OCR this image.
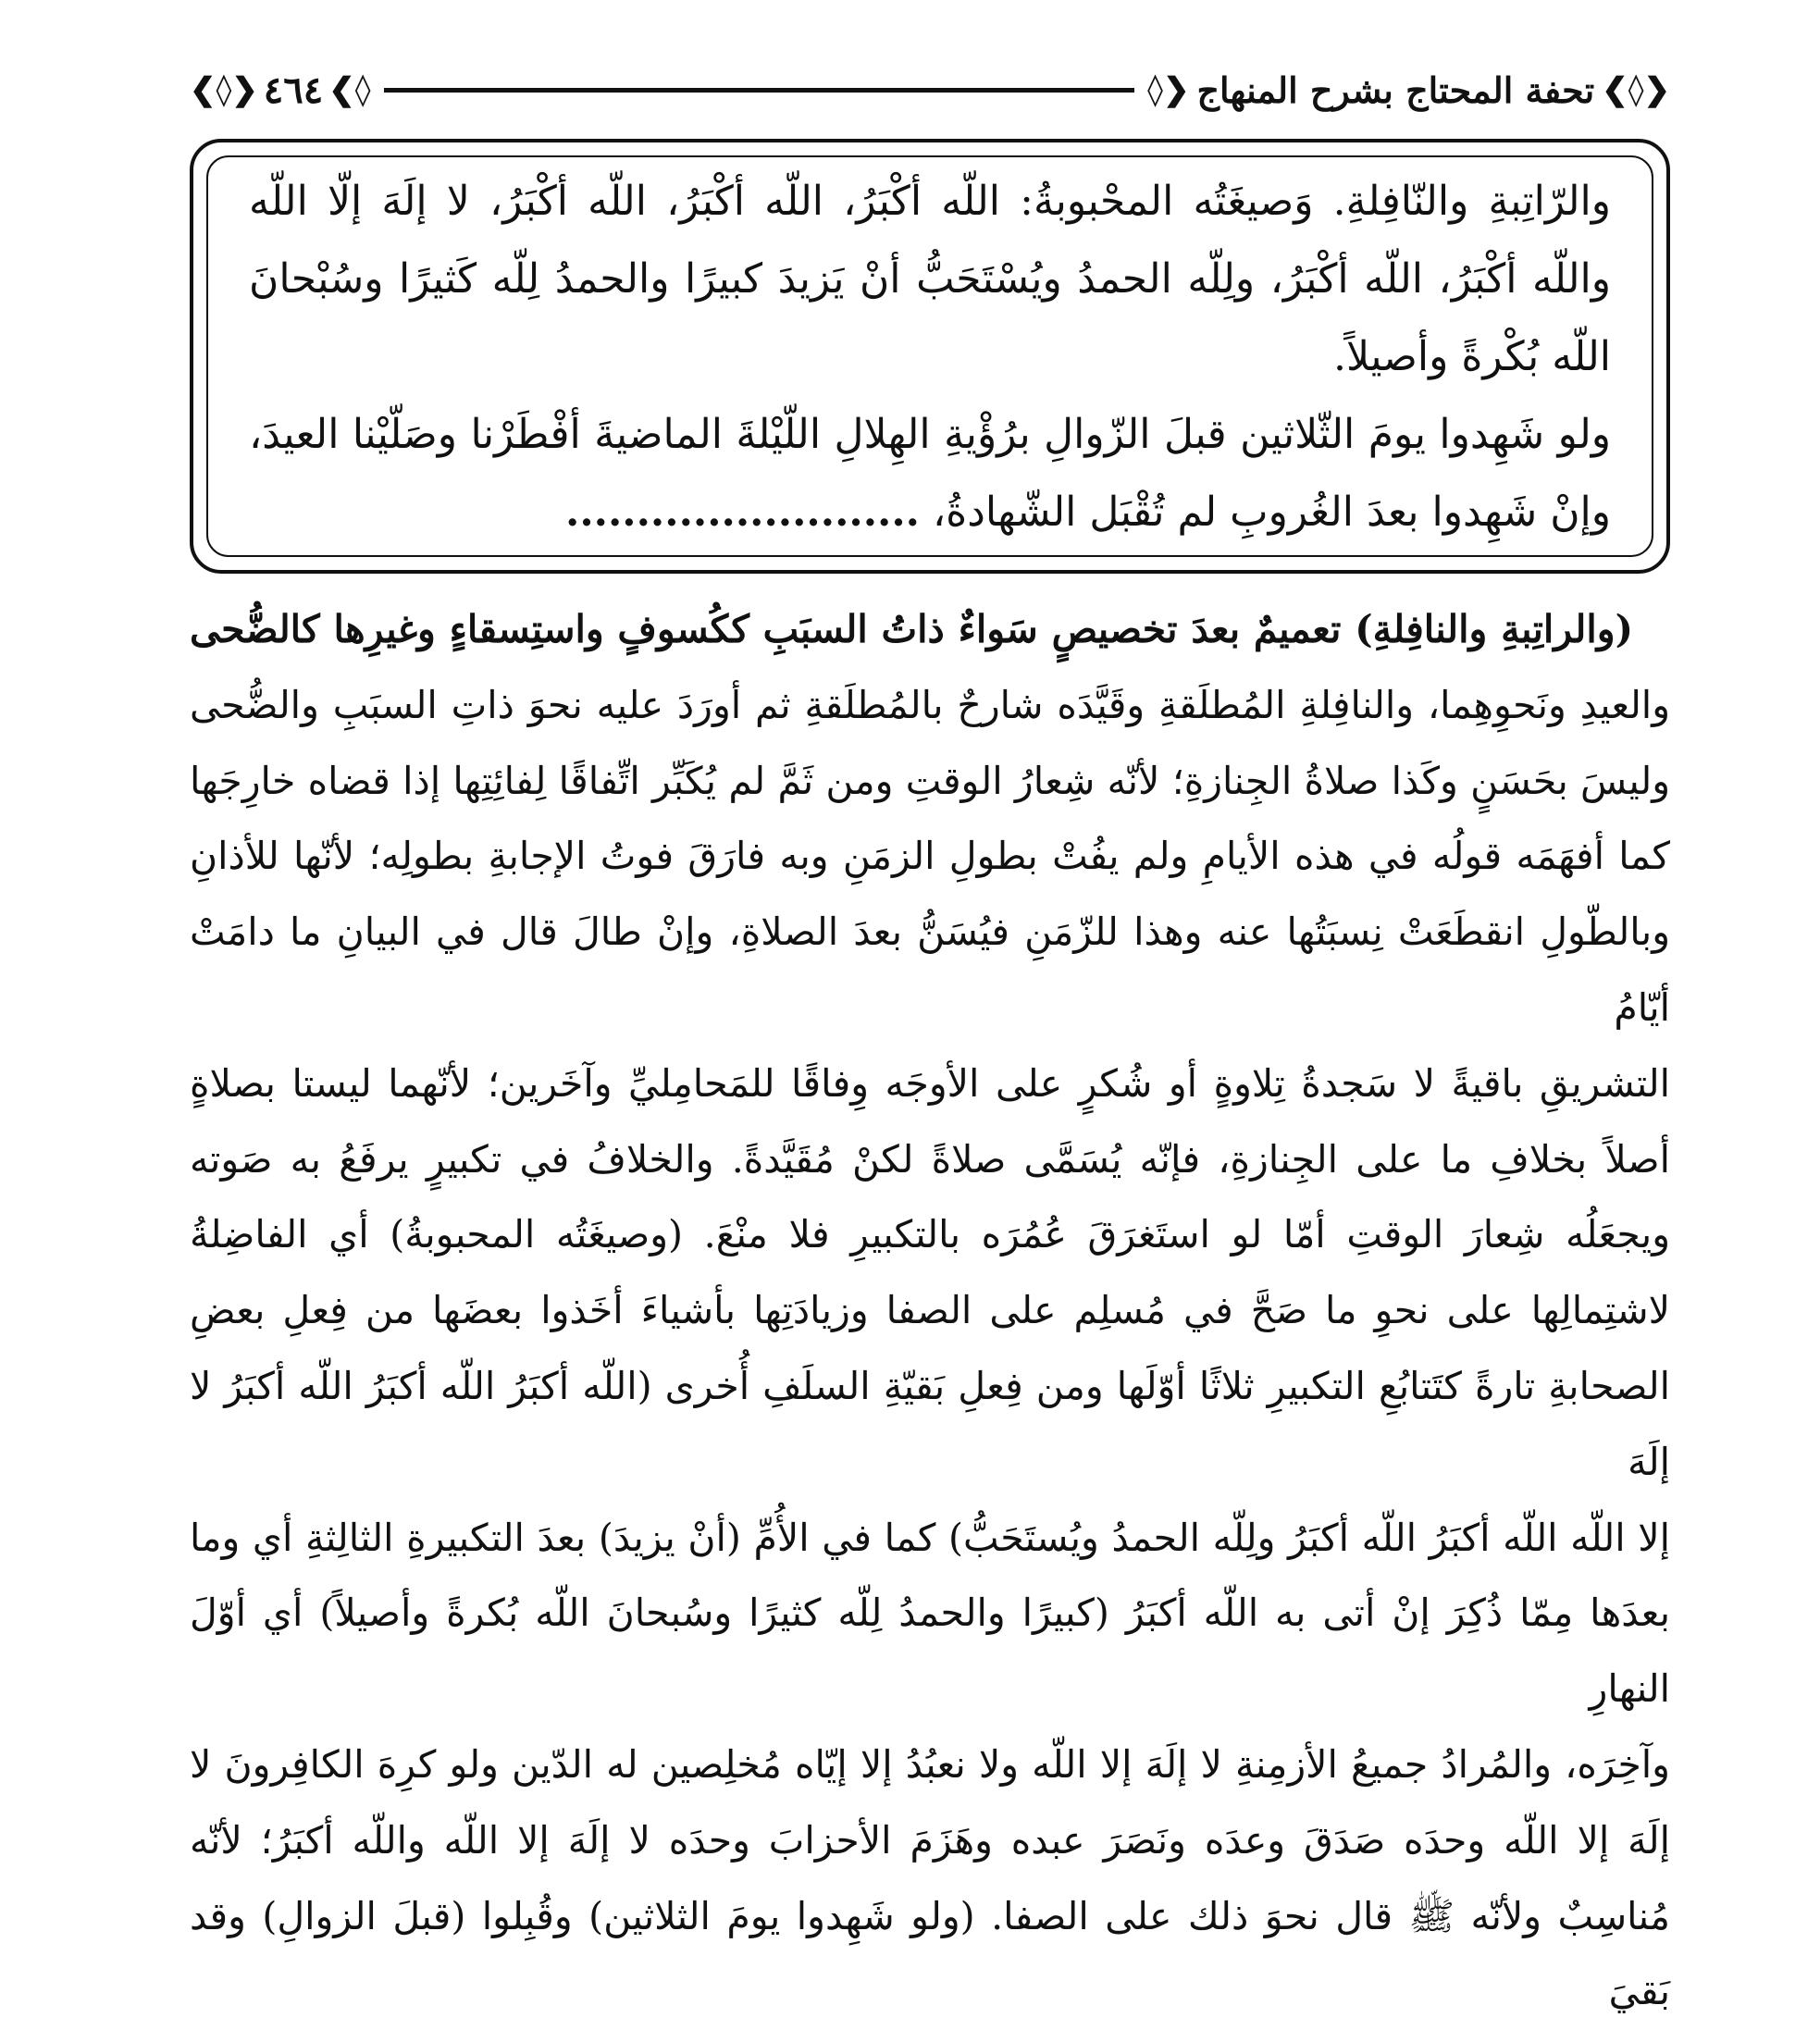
❮◊❯ ٤٦٤ ❮◊	◊❯ تحفة المحتاج بشرح المنهاج ❮◊❯

والرّاتِبةِ والنّافِلةِ. وَصيغَتُه المحْبوبةُ: اللّه أكْبَرُ، اللّه أكْبَرُ، اللّه أكْبَرُ، لا إلَهَ إلّا اللّه واللّه أكْبَرُ، اللّه أكْبَرُ، ولِلّه الحمدُ ويُسْتَحَبُّ أنْ يَزيدَ كبيرًا والحمدُ لِلّه كَثيرًا وسُبْحانَ اللّه بُكْرةً وأصيلاً.

ولو شَهِدوا يومَ الثّلاثين قبلَ الزّوالِ برُؤْيةِ الهِلالِ اللّيْلةَ الماضيةَ أفْطَرْنا وصَلّيْنا العيدَ، وإنْ شَهِدوا بعدَ الغُروبِ لم تُقْبَل الشّهادةُ، .........................

(والراتِبةِ والنافِلةِ) تعميمٌ بعدَ تخصيصٍ سَواءٌ ذاتُ السبَبِ ككُسوفٍ واستِسقاءٍ وغيرِها كالضُّحى

والعيدِ ونَحوِهِما، والنافِلةِ المُطلَقةِ وقَيَّدَه شارحٌ بالمُطلَقةِ ثم أورَدَ عليه نحوَ ذاتِ السبَبِ والضُّحى

وليسَ بحَسَنٍ وكَذا صلاةُ الجِنازةِ؛ لأنّه شِعارُ الوقتِ ومن ثَمَّ لم يُكَبِّر اتِّفاقًا لِفائِتِها إذا قضاه خارِجَها

كما أفهَمَه قولُه في هذه الأيامِ ولم يفُتْ بطولِ الزمَنِ وبه فارَقَ فوتُ الإجابةِ بطولِه؛ لأنّها للأذانِ

وبالطّولِ انقطَعَتْ نِسبَتُها عنه وهذا للزّمَنِ فيُسَنُّ بعدَ الصلاةِ، وإنْ طالَ قال في البيانِ ما دامَتْ أيّامُ

التشريقِ باقيةً لا سَجدةُ تِلاوةٍ أو شُكرٍ على الأوجَه وِفاقًا للمَحامِليِّ وآخَرين؛ لأنّهما ليستا بصلاةٍ

أصلاً بخلافِ ما على الجِنازةِ، فإنّه يُسَمَّى صلاةً لكنْ مُقَيَّدةً. والخلافُ في تكبيرٍ يرفَعُ به صَوته

ويجعَلُه شِعارَ الوقتِ أمّا لو استَغرَقَ عُمُرَه بالتكبيرِ فلا منْعَ. (وصيغَتُه المحبوبةُ) أي الفاضِلةُ

لاشتِمالِها على نحوِ ما صَحَّ في مُسلِم على الصفا وزيادَتِها بأشياءَ أخَذوا بعضَها من فِعلِ بعضِ

الصحابةِ تارةً كتَتابُعِ التكبيرِ ثلاثًا أوّلَها ومن فِعلِ بَقيّةِ السلَفِ أُخرى (اللّه أكبَرُ اللّه أكبَرُ اللّه أكبَرُ لا إلَهَ

إلا اللّه اللّه أكبَرُ اللّه أكبَرُ ولِلّه الحمدُ ويُستَحَبُّ) كما في الأُمِّ (أنْ يزيدَ) بعدَ التكبيرةِ الثالِثةِ أي وما

بعدَها مِمّا ذُكِرَ إنْ أتى به اللّه أكبَرُ (كبيرًا والحمدُ لِلّه كثيرًا وسُبحانَ اللّه بُكرةً وأصيلاً) أي أوّلَ النهارِ

وآخِرَه، والمُرادُ جميعُ الأزمِنةِ لا إلَهَ إلا اللّه ولا نعبُدُ إلا إيّاه مُخلِصين له الدّين ولو كرِهَ الكافِرونَ لا

إلَهَ إلا اللّه وحدَه صَدَقَ وعدَه ونَصَرَ عبده وهَزَمَ الأحزابَ وحدَه لا إلَهَ إلا اللّه واللّه أكبَرُ؛ لأنّه

مُناسِبٌ ولأنّه ﷺ قال نحوَ ذلك على الصفا. (ولو شَهِدوا يومَ الثلاثين) وقُبِلوا (قبلَ الزوالِ) وقد بَقيَ
